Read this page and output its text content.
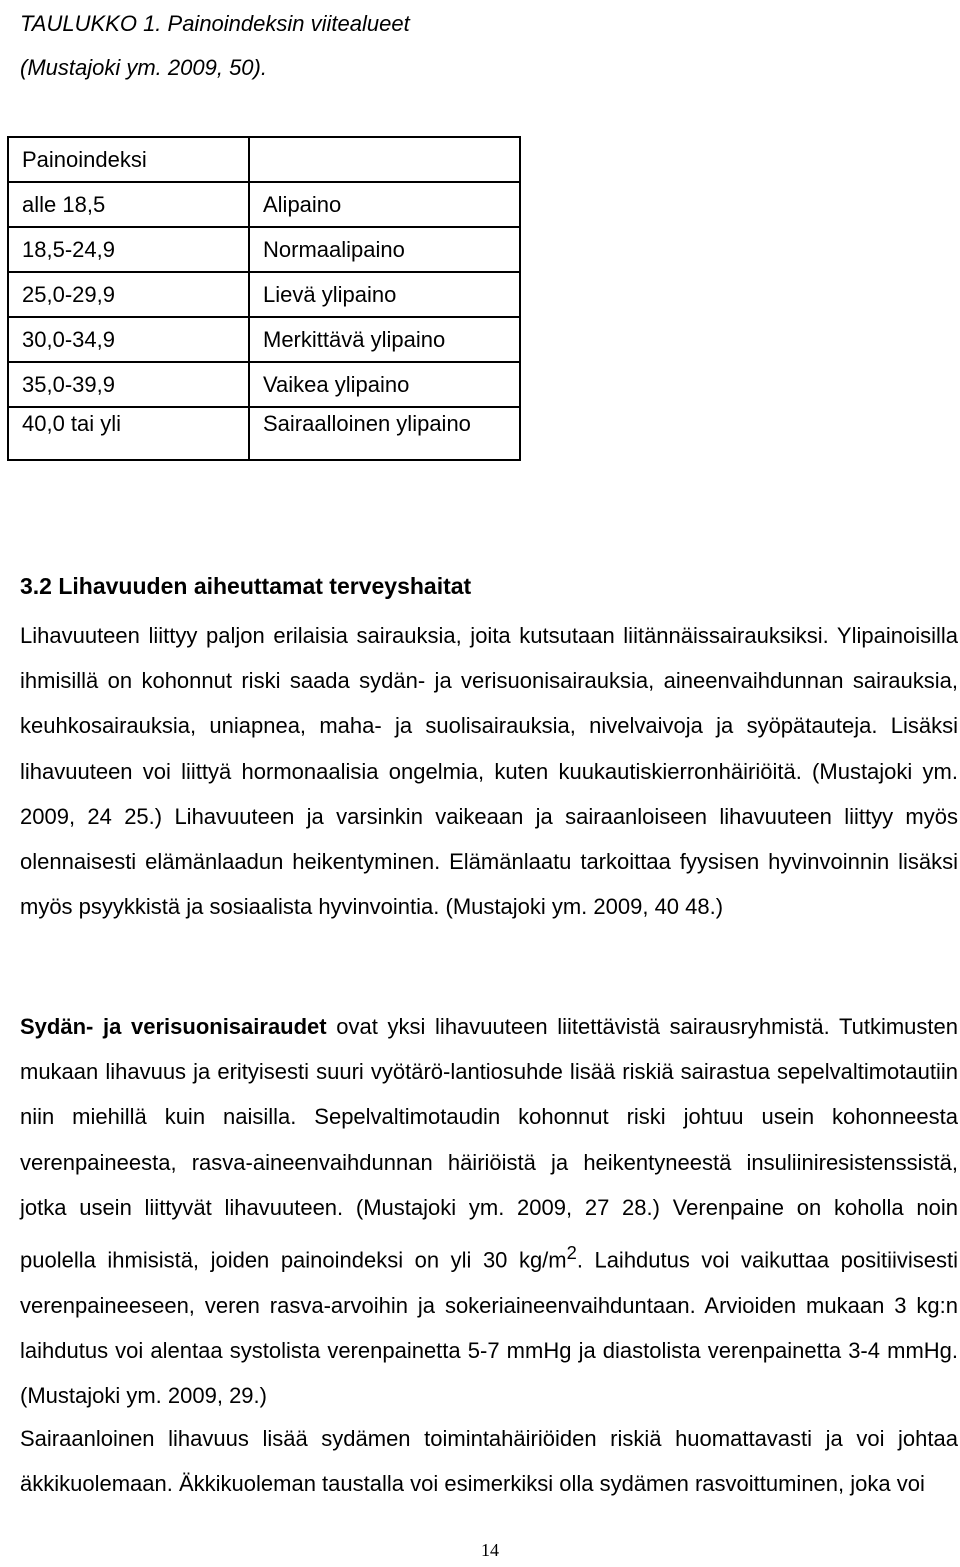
TAULUKKO 1. Painoindeksin viitealueet
(Mustajoki ym. 2009, 50).

Painoindeksi	
alle 18,5	Alipaino
18,5-24,9	Normaalipaino
25,0-29,9	Lievä ylipaino
30,0-34,9	Merkittävä ylipaino
35,0-39,9	Vaikea ylipaino
40,0 tai yli	Sairaalloinen ylipaino
3.2 Lihavuuden aiheuttamat terveyshaitat

Lihavuuteen liittyy paljon erilaisia sairauksia, joita kutsutaan liitännäissairauksiksi. Ylipainoisilla ihmisillä on kohonnut riski saada sydän- ja verisuonisairauksia, aineenvaihdunnan sairauksia, keuhkosairauksia, uniapnea, maha- ja suolisairauksia, nivelvaivoja ja syöpätauteja. Lisäksi lihavuuteen voi liittyä hormonaalisia ongelmia, kuten kuukautiskierronhäiriöitä. (Mustajoki ym. 2009, 24 25.) Lihavuuteen ja varsinkin vaikeaan ja sairaanloiseen lihavuuteen liittyy myös olennaisesti elämänlaadun heikentyminen. Elämänlaatu tarkoittaa fyysisen hyvinvoinnin lisäksi myös psyykkistä ja sosiaalista hyvinvointia. (Mustajoki ym. 2009, 40 48.)

Sydän- ja verisuonisairaudet ovat yksi lihavuuteen liitettävistä sairausryhmistä. Tutkimusten mukaan lihavuus ja erityisesti suuri vyötärö-lantiosuhde lisää riskiä sairastua sepelvaltimotautiin niin miehillä kuin naisilla. Sepelvaltimotaudin kohonnut riski johtuu usein kohonneesta verenpaineesta, rasva-aineenvaihdunnan häiriöistä ja heikentyneestä insuliiniresistenssistä, jotka usein liittyvät lihavuuteen. (Mustajoki ym. 2009, 27 28.) Verenpaine on koholla noin puolella ihmisistä, joiden painoindeksi on yli 30 $kg/m^2$. Laihdutus voi vaikuttaa positiivisesti verenpaineeseen, veren rasva-arvoihin ja sokeriaineenvaihduntaan. Arvioiden mukaan 3 kg:n laihdutus voi alentaa systolista verenpainetta 5-7 mmHg ja diastolista verenpainetta 3-4 mmHg. (Mustajoki ym. 2009, 29.)

Sairaanloinen lihavuus lisää sydämen toimintahäiriöiden riskiä huomattavasti ja voi johtaa äkkikuolemaan. Äkkikuoleman taustalla voi esimerkiksi olla sydämen rasvoittuminen, joka voi

14
